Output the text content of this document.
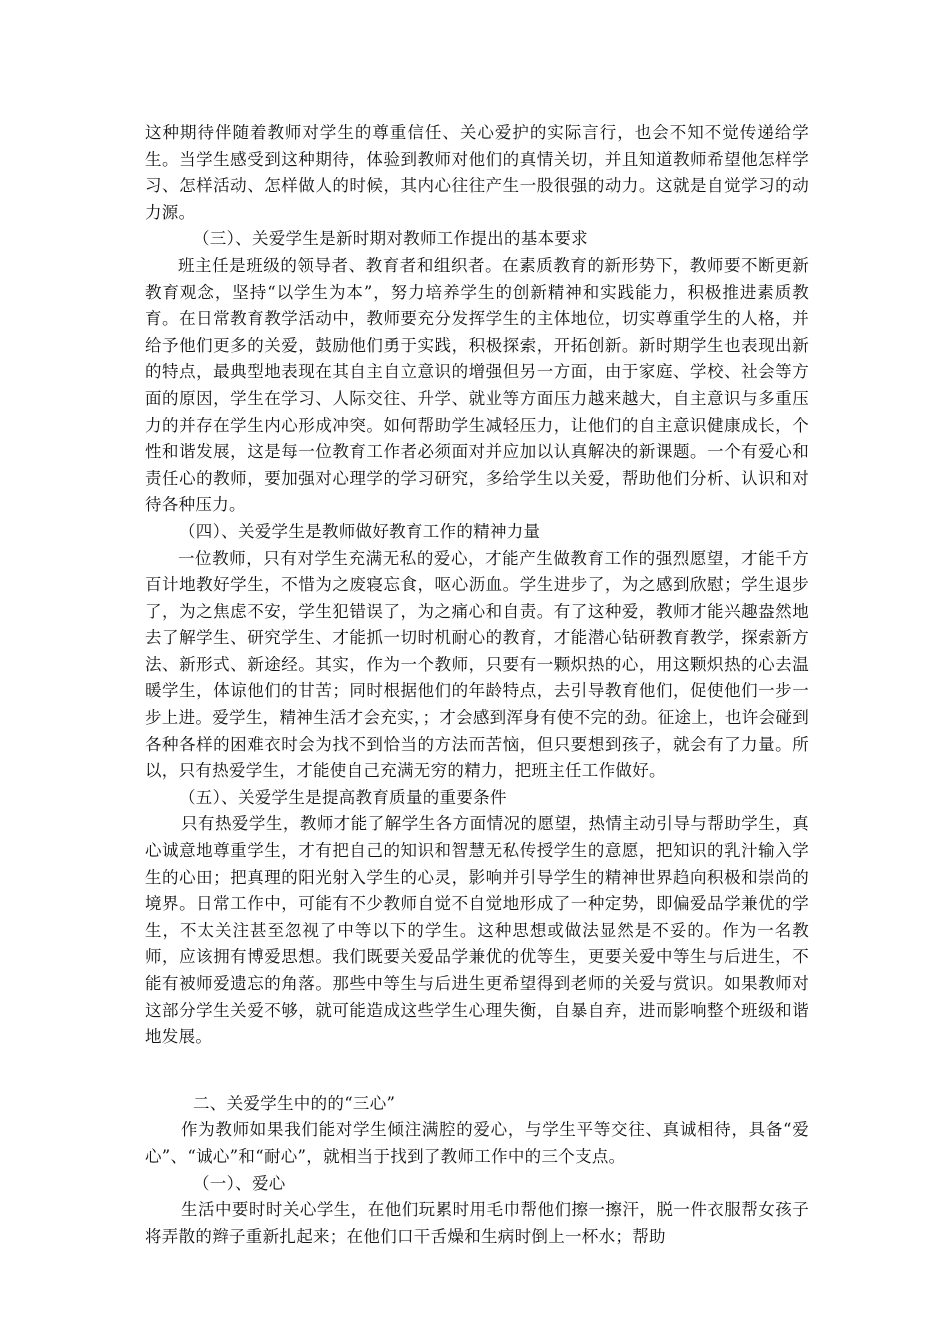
这种期待伴随着教师对学生的尊重信任、关心爱护的实际言行，也会不知不觉传递给学生。当学生感受到这种期待，体验到教师对他们的真情关切，并且知道教师希望他怎样学习、怎样活动、怎样做人的时候，其内心往往产生一股很强的动力。这就是自觉学习的动力源。

（三）、关爱学生是新时期对教师工作提出的基本要求

班主任是班级的领导者、教育者和组织者。在素质教育的新形势下，教师要不断更新教育观念，坚持“以学生为本”，努力培养学生的创新精神和实践能力，积极推进素质教育。在日常教育教学活动中，教师要充分发挥学生的主体地位，切实尊重学生的人格，并给予他们更多的关爱，鼓励他们勇于实践，积极探索，开拓创新。新时期学生也表现出新的特点，最典型地表现在其自主自立意识的增强但另一方面，由于家庭、学校、社会等方面的原因，学生在学习、人际交往、升学、就业等方面压力越来越大，自主意识与多重压力的并存在学生内心形成冲突。如何帮助学生减轻压力，让他们的自主意识健康成长，个性和谐发展，这是每一位教育工作者必须面对并应加以认真解决的新课题。一个有爱心和责任心的教师，要加强对心理学的学习研究，多给学生以关爱，帮助他们分析、认识和对待各种压力。

（四）、关爱学生是教师做好教育工作的精神力量

一位教师，只有对学生充满无私的爱心，才能产生做教育工作的强烈愿望，才能千方百计地教好学生，不惜为之废寝忘食，呕心沥血。学生进步了，为之感到欣慰；学生退步了，为之焦虑不安，学生犯错误了，为之痛心和自责。有了这种爱，教师才能兴趣盎然地去了解学生、研究学生、才能抓一切时机耐心的教育，才能潜心钻研教育教学，探索新方法、新形式、新途经。其实，作为一个教师，只要有一颗炽热的心，用这颗炽热的心去温暖学生，体谅他们的甘苦；同时根据他们的年龄特点，去引导教育他们，促使他们一步一步上进。爱学生，精神生活才会充实，；才会感到浑身有使不完的劲。征途上，也许会碰到各种各样的困难衣时会为找不到恰当的方法而苦恼，但只要想到孩子，就会有了力量。所以，只有热爱学生，才能使自己充满无穷的精力，把班主任工作做好。

（五）、关爱学生是提高教育质量的重要条件

只有热爱学生，教师才能了解学生各方面情况的愿望，热情主动引导与帮助学生，真心诚意地尊重学生，才有把自己的知识和智慧无私传授学生的意愿，把知识的乳汁输入学生的心田；把真理的阳光射入学生的心灵，影响并引导学生的精神世界趋向积极和崇尚的境界。日常工作中，可能有不少教师自觉不自觉地形成了一种定势，即偏爱品学兼优的学生，不太关注甚至忽视了中等以下的学生。这种思想或做法显然是不妥的。作为一名教师，应该拥有博爱思想。我们既要关爱品学兼优的优等生，更要关爱中等生与后进生，不能有被师爱遗忘的角落。那些中等生与后进生更希望得到老师的关爱与赏识。如果教师对这部分学生关爱不够，就可能造成这些学生心理失衡，自暴自弃，进而影响整个班级和谐地发展。

二、关爱学生中的的“三心”

作为教师如果我们能对学生倾注满腔的爱心，与学生平等交往、真诚相待，具备“爱心”、“诚心”和“耐心”，就相当于找到了教师工作中的三个支点。

（一）、爱心

生活中要时时关心学生，在他们玩累时用毛巾帮他们擦一擦汗，脱一件衣服帮女孩子将弄散的辫子重新扎起来；在他们口干舌燥和生病时倒上一杯水；帮助
